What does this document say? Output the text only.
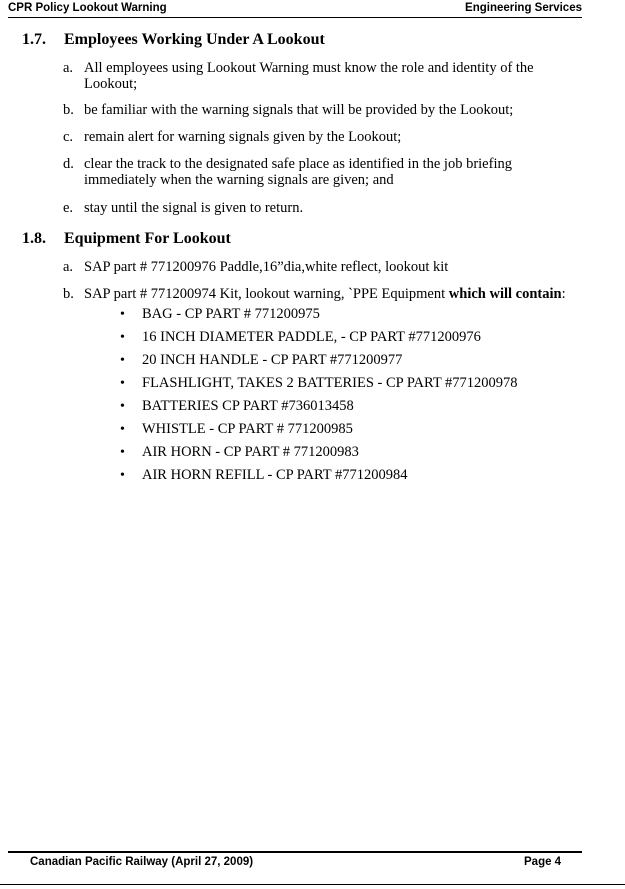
CPR Policy Lookout Warning	Engineering Services
1.7. Employees Working Under A Lookout
a. All employees using Lookout Warning must know the role and identity of the Lookout;
b. be familiar with the warning signals that will be provided by the Lookout;
c. remain alert for warning signals given by the Lookout;
d. clear the track to the designated safe place as identified in the job briefing immediately when the warning signals are given; and
e. stay until the signal is given to return.
1.8. Equipment For Lookout
a. SAP part # 771200976 Paddle,16”dia,white reflect, lookout kit
b. SAP part # 771200974 Kit, lookout warning, `PPE Equipment which will contain:
• BAG - CP PART # 771200975
• 16 INCH DIAMETER PADDLE, - CP PART #771200976
• 20 INCH HANDLE - CP PART #771200977
• FLASHLIGHT, TAKES 2 BATTERIES - CP PART #771200978
• BATTERIES CP PART #736013458
• WHISTLE - CP PART # 771200985
• AIR HORN - CP PART # 771200983
• AIR HORN REFILL - CP PART #771200984
Canadian Pacific Railway (April 27, 2009)	Page 4
